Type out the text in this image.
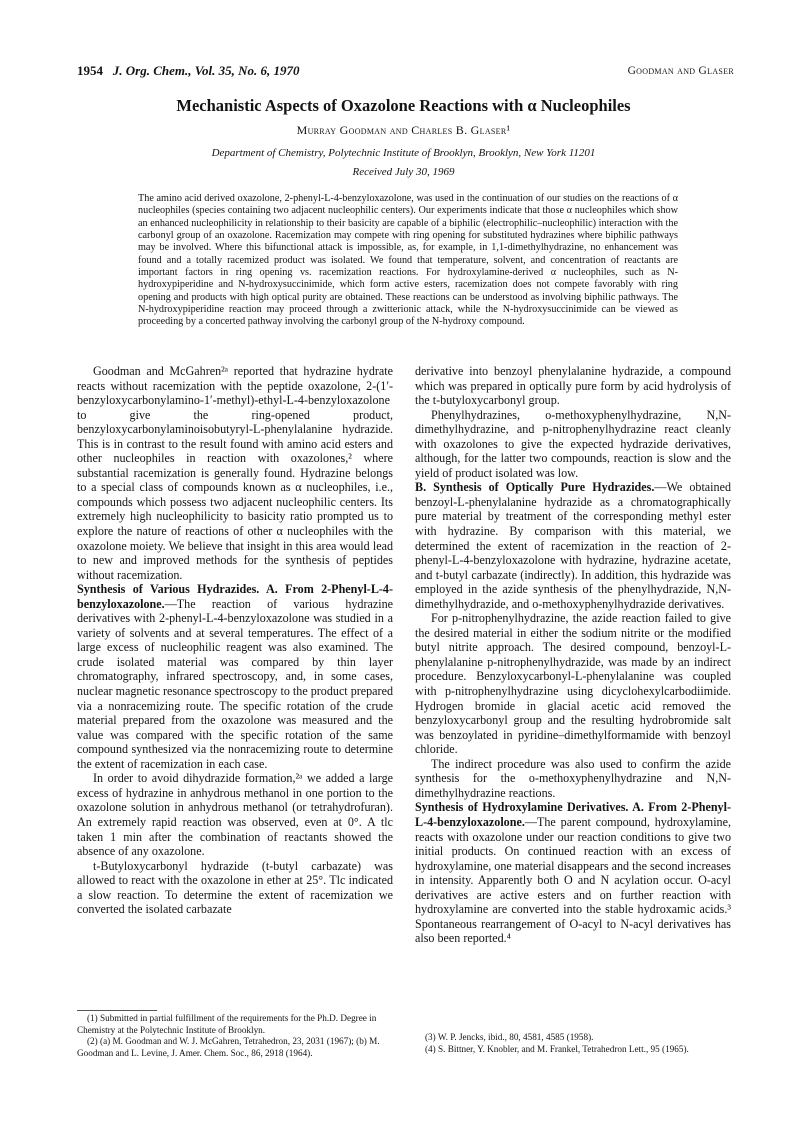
1954 J. Org. Chem., Vol. 35, No. 6, 1970	Goodman and Glaser
Mechanistic Aspects of Oxazolone Reactions with α Nucleophiles
Murray Goodman and Charles B. Glaser¹
Department of Chemistry, Polytechnic Institute of Brooklyn, Brooklyn, New York 11201
Received July 30, 1969
The amino acid derived oxazolone, 2-phenyl-L-4-benzyloxazolone, was used in the continuation of our studies on the reactions of α nucleophiles (species containing two adjacent nucleophilic centers). Our experiments indicate that those α nucleophiles which show an enhanced nucleophilicity in relationship to their basicity are capable of a biphilic (electrophilic–nucleophilic) interaction with the carbonyl group of an oxazolone. Racemization may compete with ring opening for substituted hydrazines where biphilic pathways may be involved. Where this bifunctional attack is impossible, as, for example, in 1,1-dimethylhydrazine, no enhancement was found and a totally racemized product was isolated. We found that temperature, solvent, and concentration of reactants are important factors in ring opening vs. racemization reactions. For hydroxylamine-derived α nucleophiles, such as N-hydroxypiperidine and N-hydroxysuccinimide, which form active esters, racemization does not compete favorably with ring opening and products with high optical purity are obtained. These reactions can be understood as involving biphilic pathways. The N-hydroxypiperidine reaction may proceed through a zwitterionic attack, while the N-hydroxysuccinimide can be viewed as proceeding by a concerted pathway involving the carbonyl group of the N-hydroxy compound.

Goodman and McGahren²ᵃ reported that hydrazine hydrate reacts without racemization with the peptide oxazolone, 2-(1′-benzyloxycarbonylamino-1′-methyl)-ethyl-L-4-benzyloxazolone to give the ring-opened product, benzyloxycarbonylaminoisobutyryl-L-phenylalanine hydrazide. This is in contrast to the result found with amino acid esters and other nucleophiles in reaction with oxazolones,² where substantial racemization is generally found. Hydrazine belongs to a special class of compounds known as α nucleophiles, i.e., compounds which possess two adjacent nucleophilic centers. Its extremely high nucleophilicity to basicity ratio prompted us to explore the nature of reactions of other α nucleophiles with the oxazolone moiety. We believe that insight in this area would lead to new and improved methods for the synthesis of peptides without racemization.

Synthesis of Various Hydrazides. A. From 2-Phenyl-L-4-benzyloxazolone.—The reaction of various hydrazine derivatives with 2-phenyl-L-4-benzyloxazolone was studied in a variety of solvents and at several temperatures. The effect of a large excess of nucleophilic reagent was also examined. The crude isolated material was compared by thin layer chromatography, infrared spectroscopy, and, in some cases, nuclear magnetic resonance spectroscopy to the product prepared via a nonracemizing route. The specific rotation of the crude material prepared from the oxazolone was measured and the value was compared with the specific rotation of the same compound synthesized via the nonracemizing route to determine the extent of racemization in each case.

In order to avoid dihydrazide formation,²ᵃ we added a large excess of hydrazine in anhydrous methanol in one portion to the oxazolone solution in anhydrous methanol (or tetrahydrofuran). An extremely rapid reaction was observed, even at 0°. A tlc taken 1 min after the combination of reactants showed the absence of any oxazolone.

t-Butyloxycarbonyl hydrazide (t-butyl carbazate) was allowed to react with the oxazolone in ether at 25°. Tlc indicated a slow reaction. To determine the extent of racemization we converted the isolated carbazate

derivative into benzoyl phenylalanine hydrazide, a compound which was prepared in optically pure form by acid hydrolysis of the t-butyloxycarbonyl group.

Phenylhydrazines, o-methoxyphenylhydrazine, N,N-dimethylhydrazine, and p-nitrophenylhydrazine react cleanly with oxazolones to give the expected hydrazide derivatives, although, for the latter two compounds, reaction is slow and the yield of product isolated was low.

B. Synthesis of Optically Pure Hydrazides.—We obtained benzoyl-L-phenylalanine hydrazide as a chromatographically pure material by treatment of the corresponding methyl ester with hydrazine. By comparison with this material, we determined the extent of racemization in the reaction of 2-phenyl-L-4-benzyloxazolone with hydrazine, hydrazine acetate, and t-butyl carbazate (indirectly). In addition, this hydrazide was employed in the azide synthesis of the phenylhydrazide, N,N-dimethylhydrazide, and o-methoxyphenylhydrazide derivatives.

For p-nitrophenylhydrazine, the azide reaction failed to give the desired material in either the sodium nitrite or the modified butyl nitrite approach. The desired compound, benzoyl-L-phenylalanine p-nitrophenylhydrazide, was made by an indirect procedure. Benzyloxycarbonyl-L-phenylalanine was coupled with p-nitrophenylhydrazine using dicyclohexylcarbodiimide. Hydrogen bromide in glacial acetic acid removed the benzyloxycarbonyl group and the resulting hydrobromide salt was benzoylated in pyridine–dimethylformamide with benzoyl chloride.

The indirect procedure was also used to confirm the azide synthesis for the o-methoxyphenylhydrazine and N,N-dimethylhydrazine reactions.

Synthesis of Hydroxylamine Derivatives. A. From 2-Phenyl-L-4-benzyloxazolone.—The parent compound, hydroxylamine, reacts with oxazolone under our reaction conditions to give two initial products. On continued reaction with an excess of hydroxylamine, one material disappears and the second increases in intensity. Apparently both O and N acylation occur. O-acyl derivatives are active esters and on further reaction with hydroxylamine are converted into the stable hydroxamic acids.³ Spontaneous rearrangement of O-acyl to N-acyl derivatives has also been reported.⁴

(1) Submitted in partial fulfillment of the requirements for the Ph.D. Degree in Chemistry at the Polytechnic Institute of Brooklyn.
(2) (a) M. Goodman and W. J. McGahren, Tetrahedron, 23, 2031 (1967); (b) M. Goodman and L. Levine, J. Amer. Chem. Soc., 86, 2918 (1964).
(3) W. P. Jencks, ibid., 80, 4581, 4585 (1958).
(4) S. Bittner, Y. Knobler, and M. Frankel, Tetrahedron Lett., 95 (1965).
